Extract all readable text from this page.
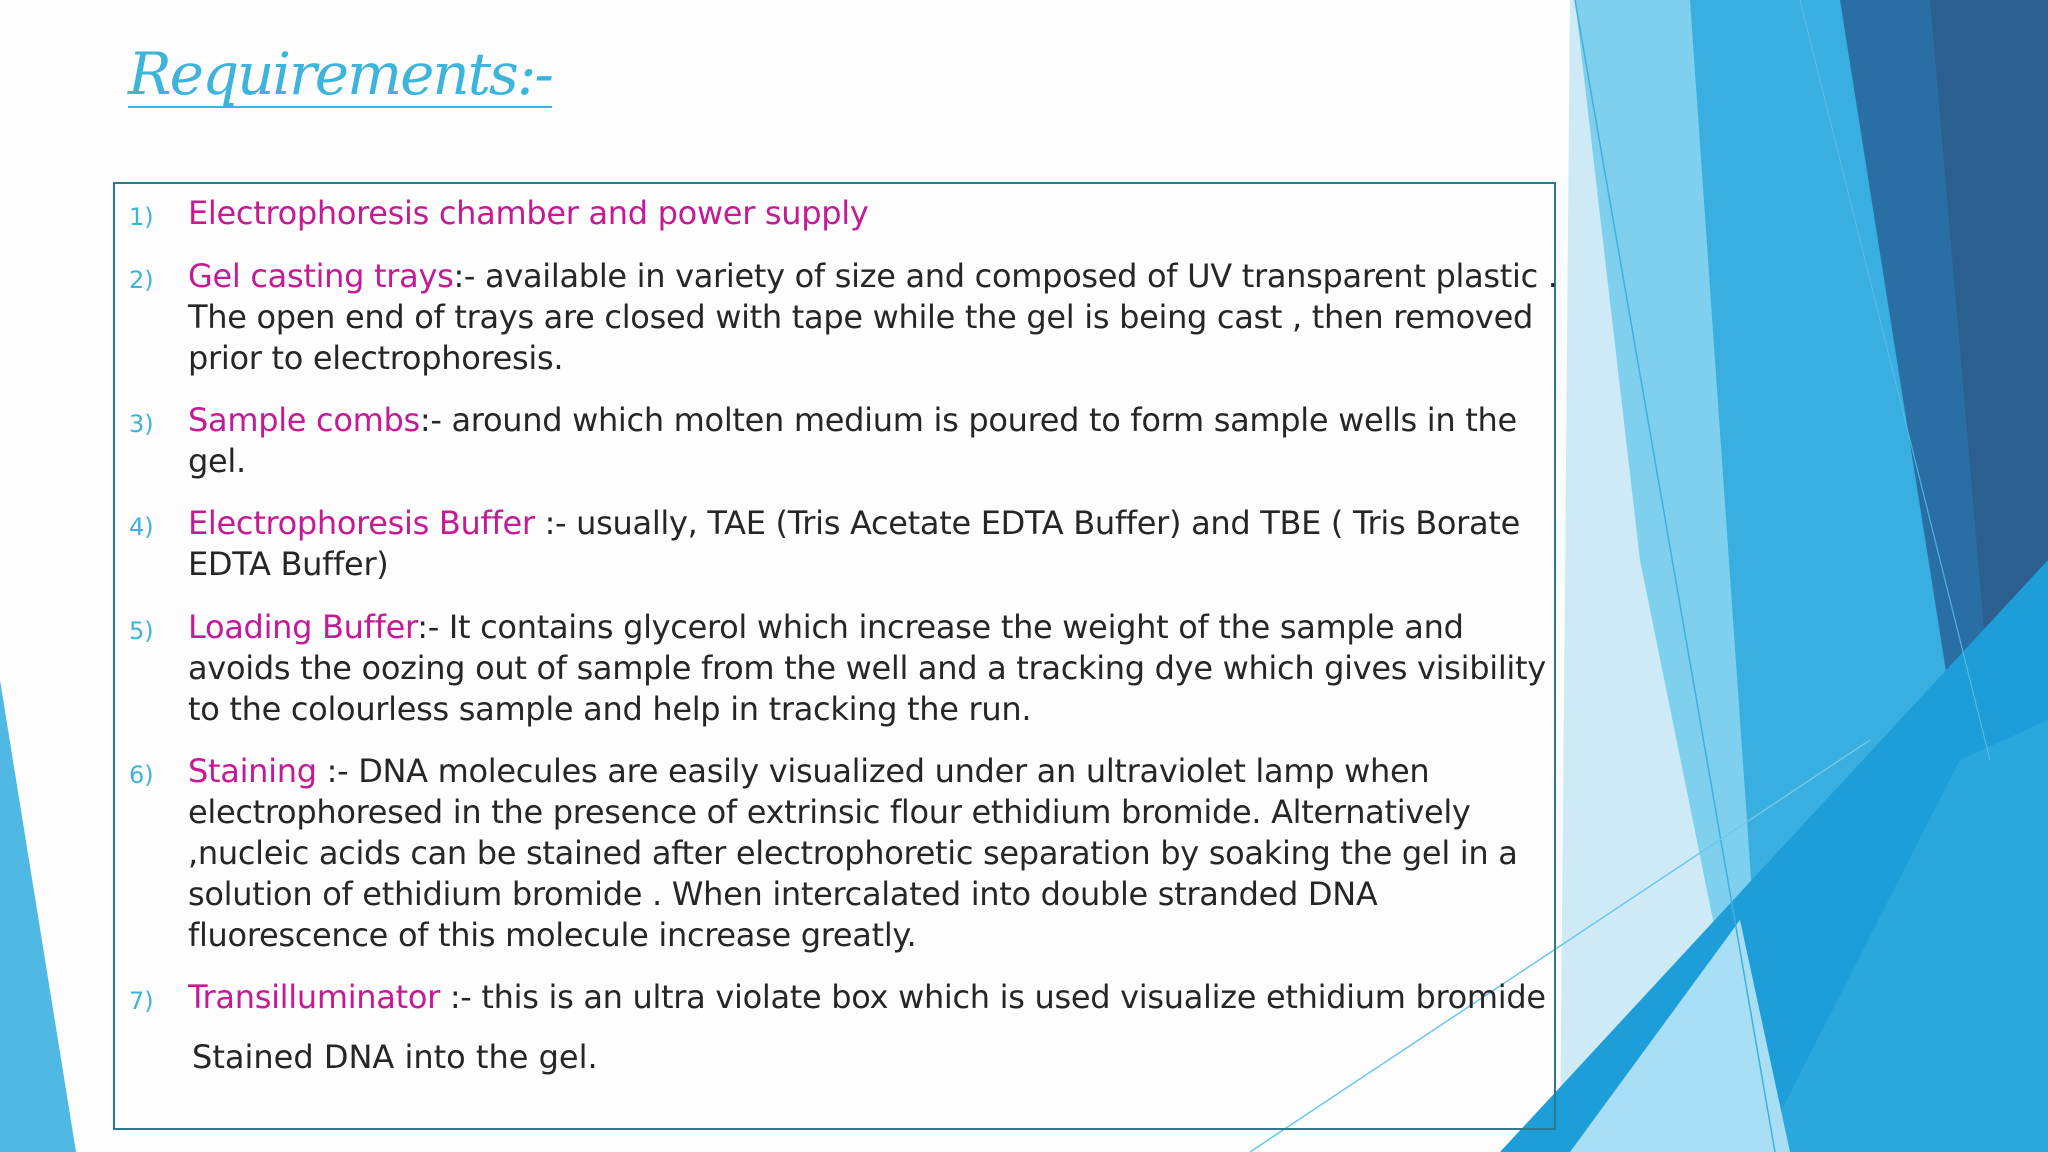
Requirements:-
1) Electrophoresis chamber and power supply
2) Gel casting trays:- available in variety of size and composed of UV transparent plastic .
The open end of trays are closed with tape while the gel is being cast , then removed
prior to electrophoresis.
3) Sample combs:- around which molten medium is poured to form sample wells in the
gel.
4) Electrophoresis Buffer :- usually, TAE (Tris Acetate EDTA Buffer) and TBE ( Tris Borate
EDTA Buffer)
5) Loading Buffer:- It contains glycerol which increase the weight of the sample and
avoids the oozing out of sample from the well and a tracking dye which gives visibility
to the colourless sample and help in tracking the run.
6) Staining :- DNA molecules are easily visualized under an ultraviolet lamp when
electrophoresed in the presence of extrinsic flour ethidium bromide. Alternatively
,nucleic acids can be stained after electrophoretic separation by soaking the gel in a
solution of ethidium bromide . When intercalated into double stranded DNA
fluorescence of this molecule increase greatly.
7) Transilluminator :- this is an ultra violate box which is used visualize ethidium bromide
Stained DNA into the gel.
